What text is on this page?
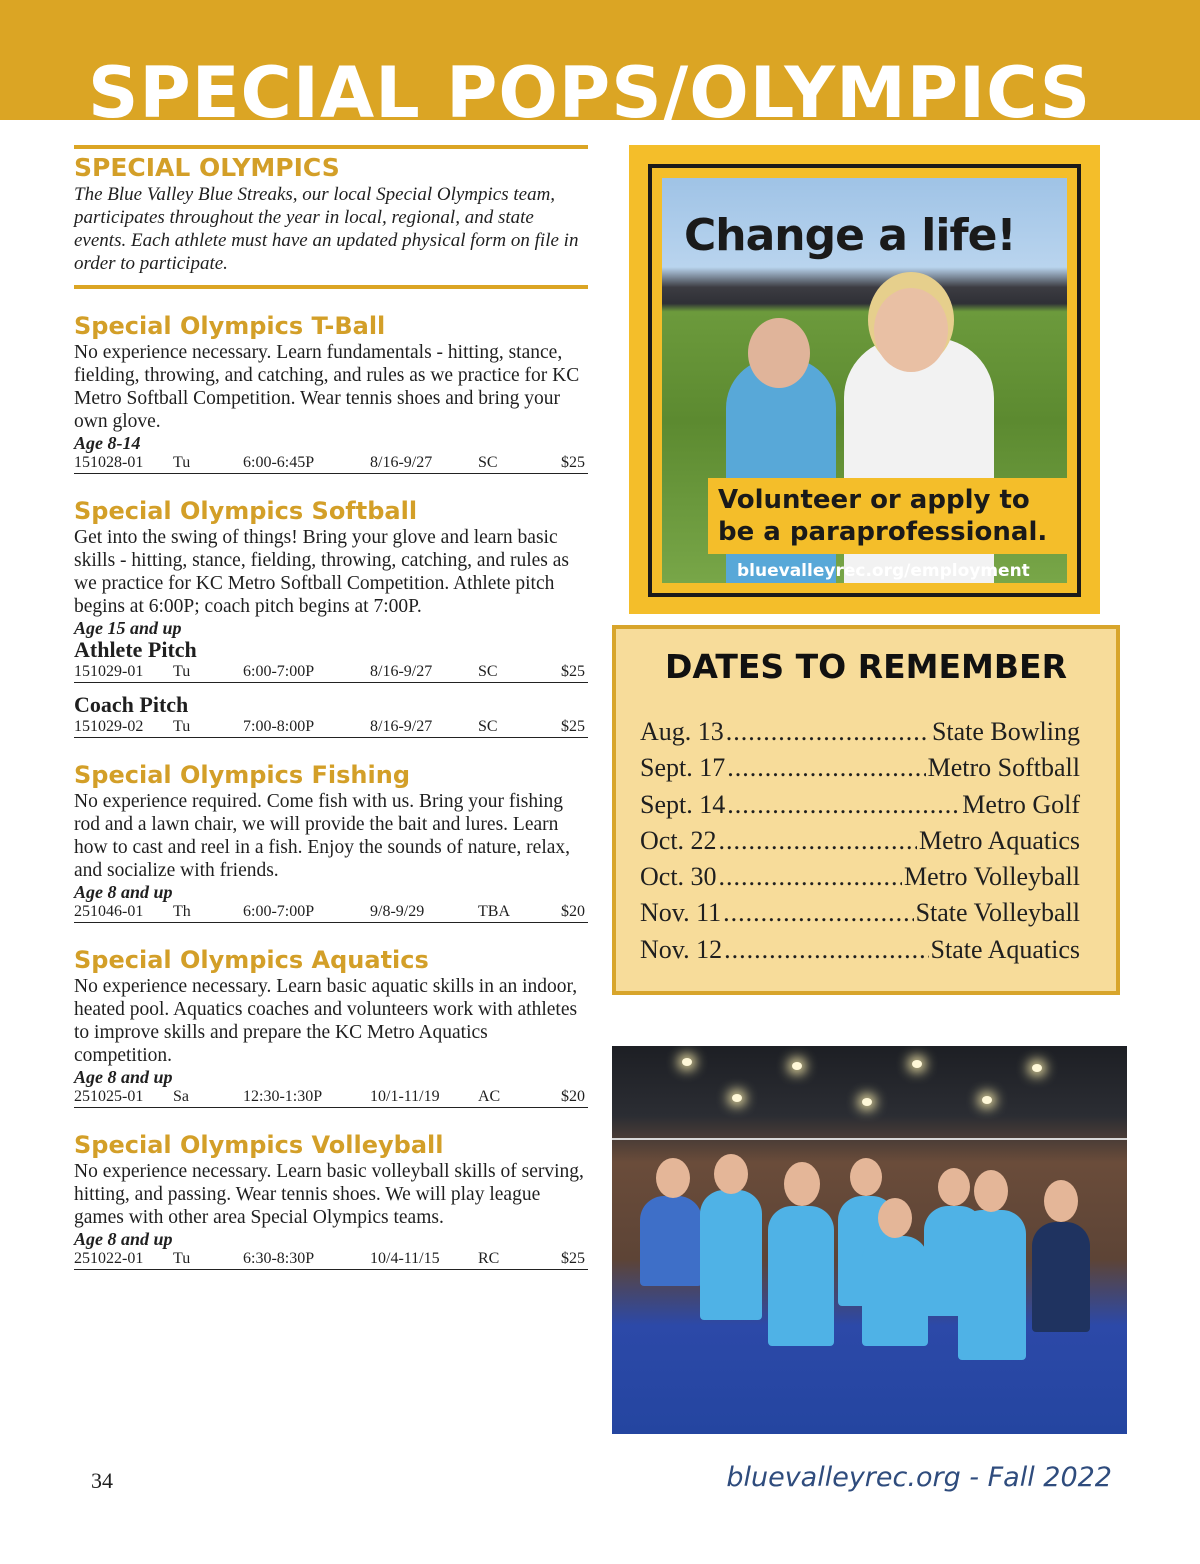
SPECIAL POPS/OLYMPICS

SPECIAL OLYMPICS

The Blue Valley Blue Streaks, our local Special Olympics team, participates throughout the year in local, regional, and state events. Each athlete must have an updated physical form on file in order to participate.

Special Olympics T-Ball

No experience necessary. Learn fundamentals - hitting, stance, fielding, throwing, and catching, and rules as we practice for KC Metro Softball Competition. Wear tennis shoes and bring your own glove.

Age 8-14

151028-01 Tu	6:00-6:45P	8/16-9/27	SC	$25

Special Olympics Softball

Get into the swing of things! Bring your glove and learn basic skills - hitting, stance, fielding, throwing, catching, and rules as we practice for KC Metro Softball Competition. Athlete pitch begins at 6:00P; coach pitch begins at 7:00P.

Age 15 and up

Athlete Pitch

151029-01 Tu	6:00-7:00P	8/16-9/27	SC	$25

Coach Pitch

151029-02 Tu	7:00-8:00P	8/16-9/27	SC	$25

Special Olympics Fishing

No experience required. Come fish with us. Bring your fishing rod and a lawn chair, we will provide the bait and lures. Learn how to cast and reel in a fish. Enjoy the sounds of nature, relax, and socialize with friends.

Age 8 and up

251046-01 Th	6:00-7:00P	9/8-9/29	TBA	$20

Special Olympics Aquatics

No experience necessary. Learn basic aquatic skills in an indoor, heated pool. Aquatics coaches and volunteers work with athletes to improve skills and prepare the KC Metro Aquatics competition.

Age 8 and up

251025-01 Sa	12:30-1:30P	10/1-11/19 AC	$20

Special Olympics Volleyball

No experience necessary. Learn basic volleyball skills of serving, hitting, and passing. Wear tennis shoes. We will play league games with other area Special Olympics teams.

Age 8 and up

251022-01 Tu	6:30-8:30P	10/4-11/15 RC	$25

Change a life!

Volunteer or apply to
be a paraprofessional.

bluevalleyrec.org/employment

DATES TO REMEMBER

Aug. 13 .....	State Bowling
Sept. 17 .....	Metro Softball
Sept. 14 .....	Metro Golf
Oct. 22 .....	Metro Aquatics
Oct. 30 .....	Metro Volleyball
Nov. 11 .....	State Volleyball
Nov. 12 .....	State Aquatics

34	bluevalleyrec.org - Fall 2022
